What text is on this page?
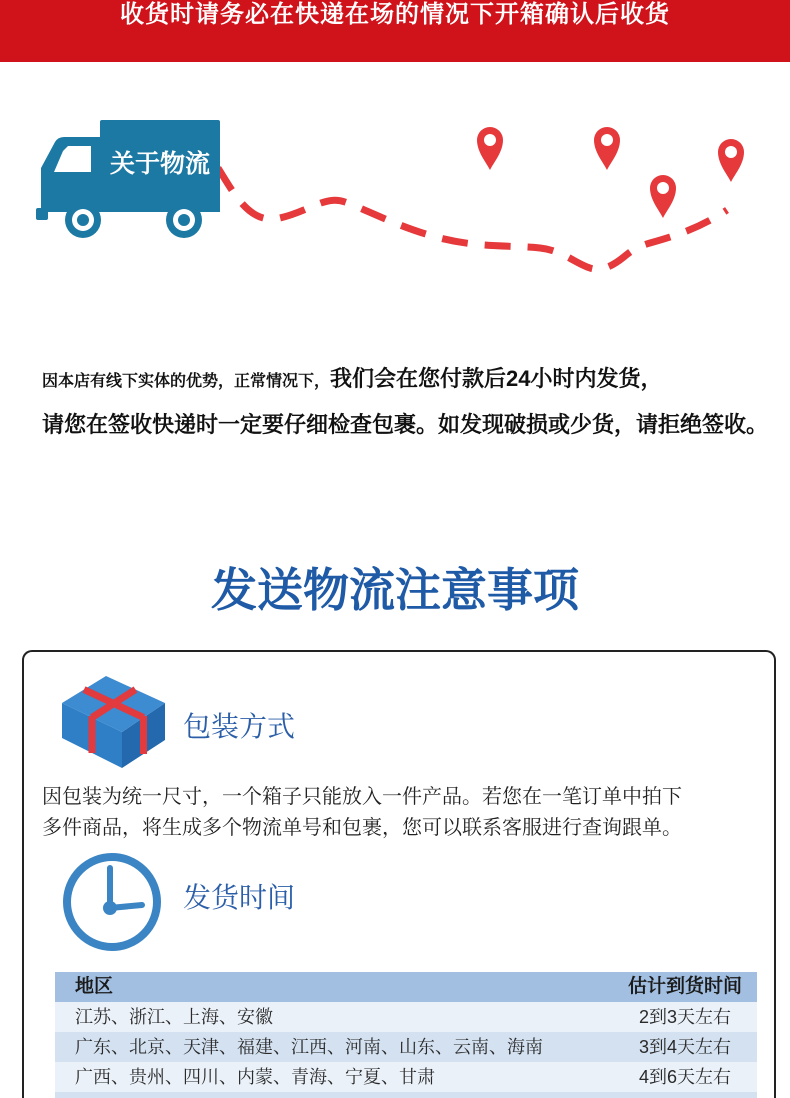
收货时请务必在快递在场的情况下开箱确认后收货
关于物流
因本店有线下实体的优势，正常情况下，我们会在您付款后24小时内发货，
请您在签收快递时一定要仔细检查包裹。如发现破损或少货，请拒绝签收。
发送物流注意事项
包装方式
因包装为统一尺寸，一个箱子只能放入一件产品。若您在一笔订单中拍下
多件商品，将生成多个物流单号和包裹，您可以联系客服进行查询跟单。
发货时间
地区	估计到货时间
江苏、浙江、上海、安徽	2到3天左右
广东、北京、天津、福建、江西、河南、山东、云南、海南	3到4天左右
广西、贵州、四川、内蒙、青海、宁夏、甘肃	4到6天左右
